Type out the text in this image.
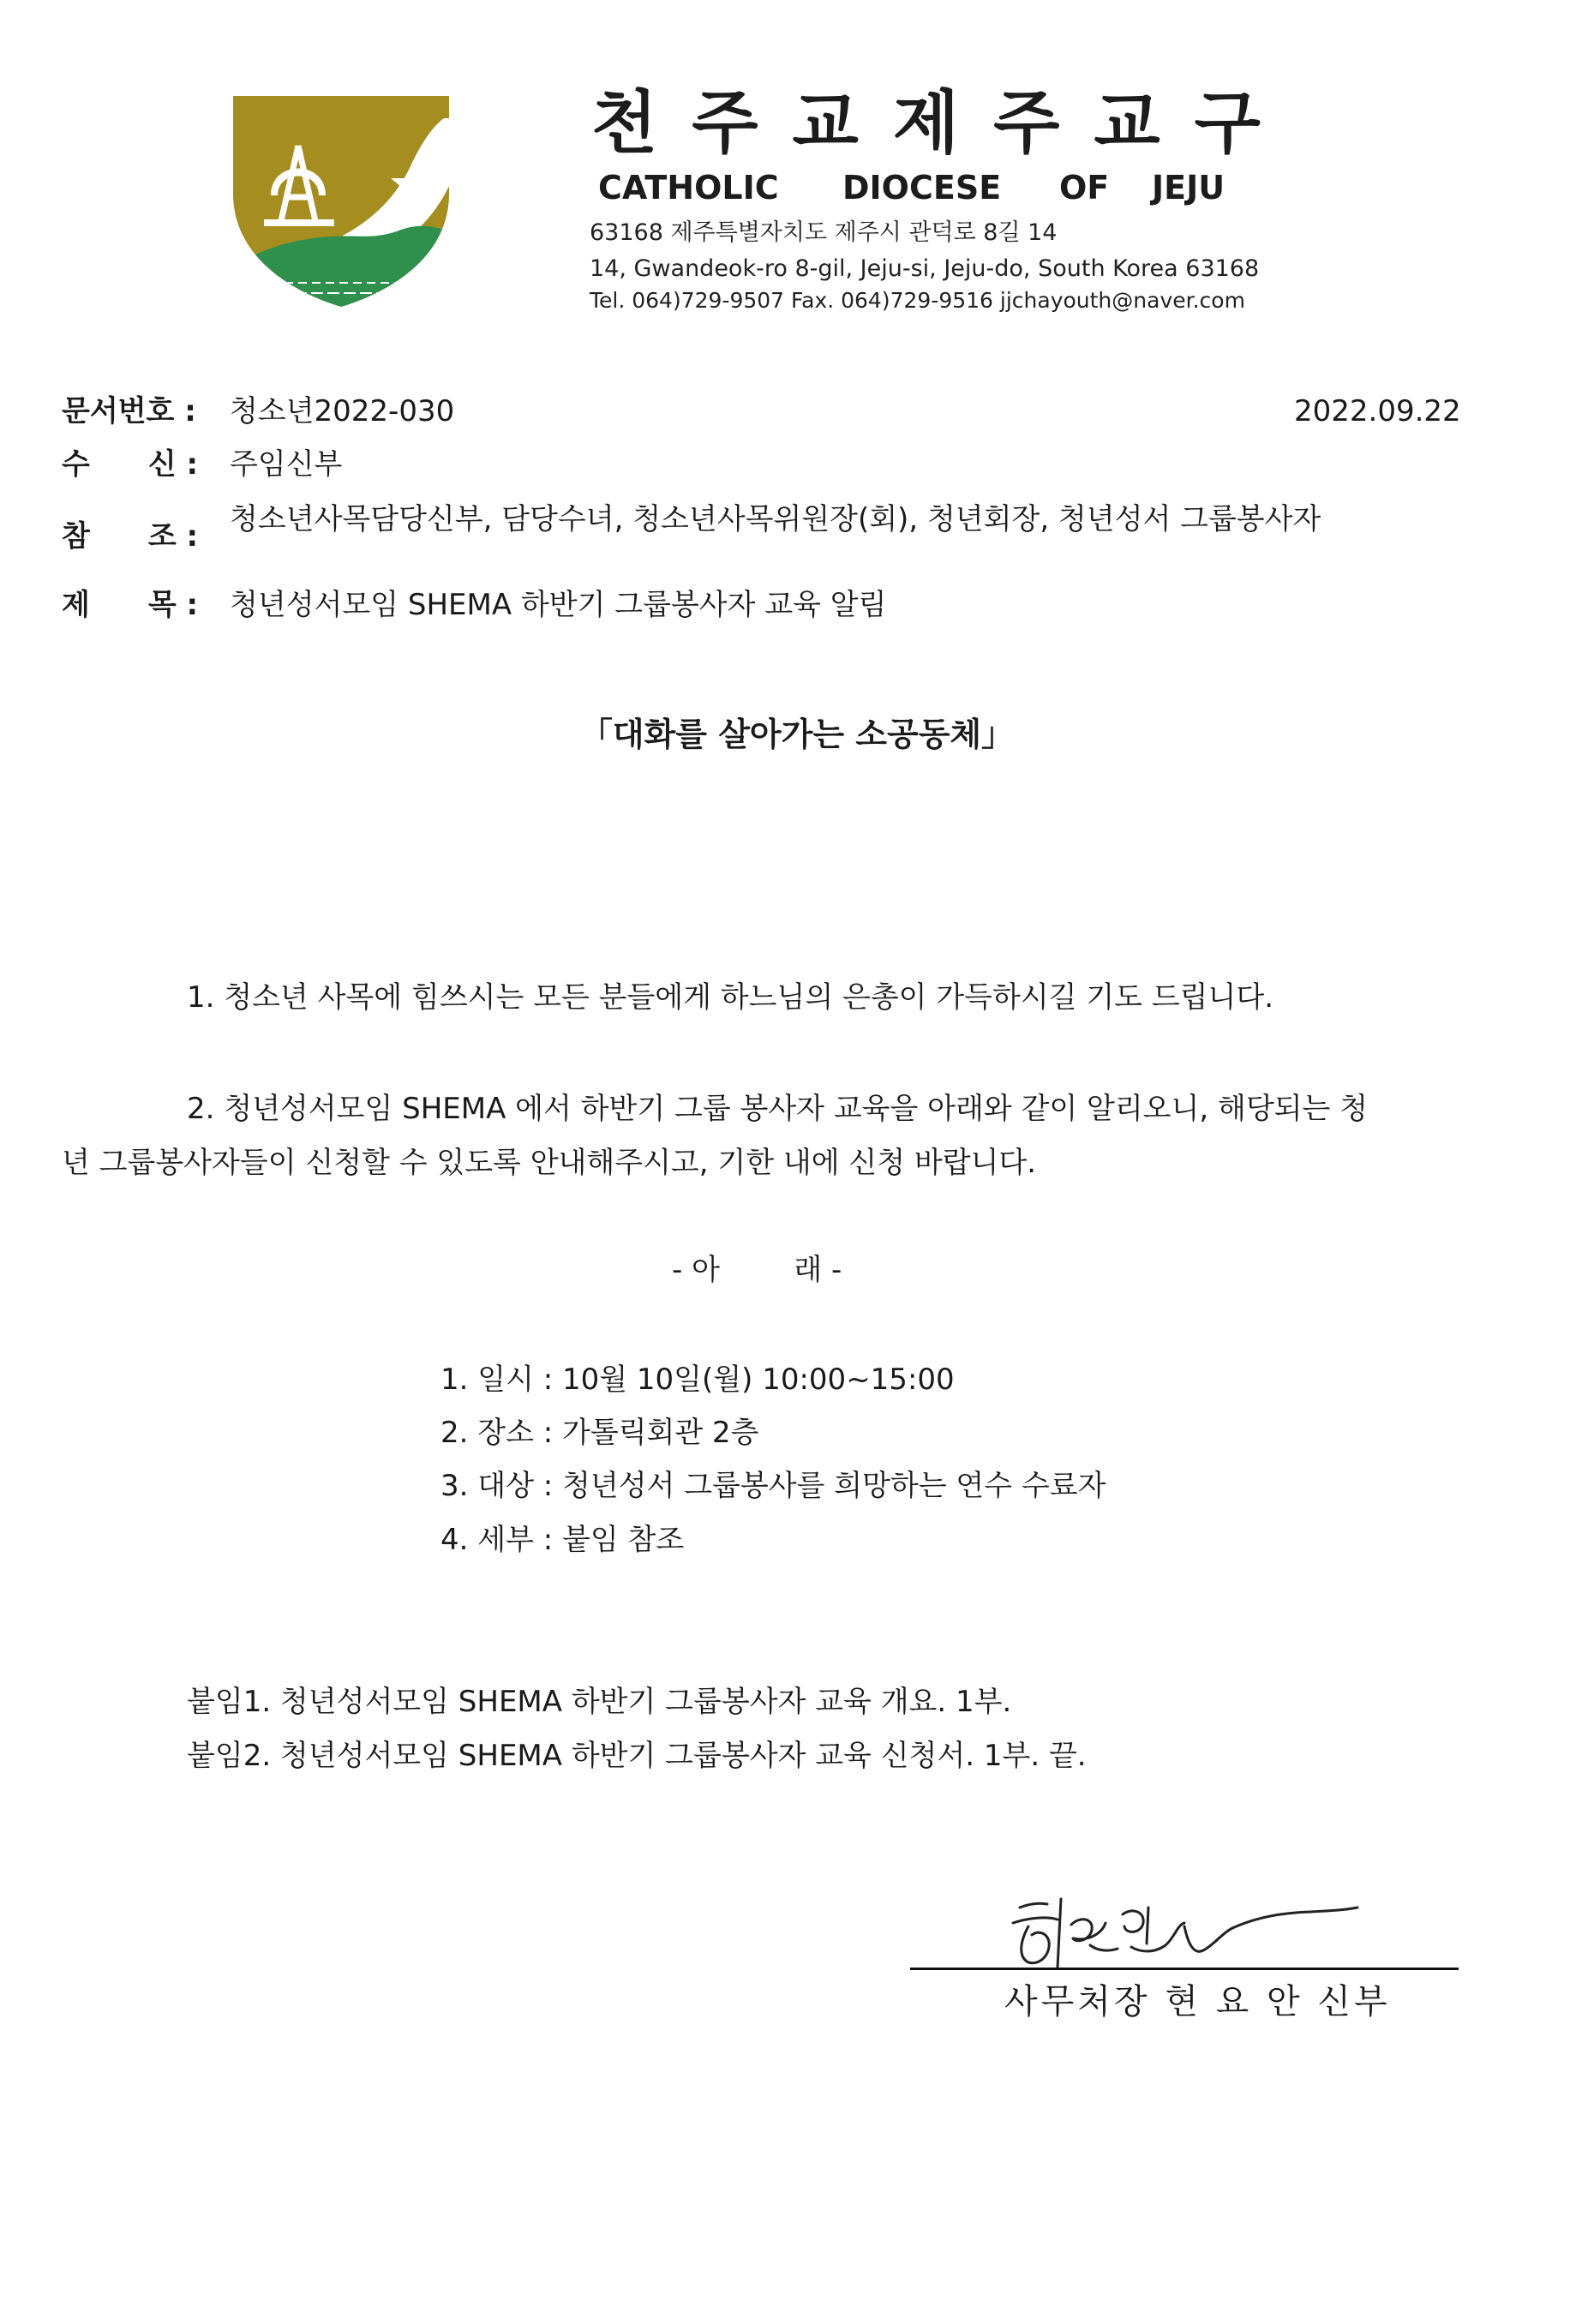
천주교제주교구
CATHOLIC DIOCESE OF JEJU
63168 제주특별자치도 제주시 관덕로 8길 14
14, Gwandeok-ro 8-gil, Jeju-si, Jeju-do, South Korea 63168
Tel. 064)729-9507 Fax. 064)729-9516 jjchayouth@naver.com
문서번호 :	청소년2022-030	2022.09.22
수　　신 :	주임신부
참　　조 :	청소년사목담당신부, 담당수녀, 청소년사목위원장(회), 청년회장, 청년성서 그룹봉사자
제　　목 :	청년성서모임 SHEMA 하반기 그룹봉사자 교육 알림
「대화를 살아가는 소공동체」
1. 청소년 사목에 힘쓰시는 모든 분들에게 하느님의 은총이 가득하시길 기도 드립니다.
2. 청년성서모임 SHEMA 에서 하반기 그룹 봉사자 교육을 아래와 같이 알리오니, 해당되는 청
년 그룹봉사자들이 신청할 수 있도록 안내해주시고, 기한 내에 신청 바랍니다.
- 아        래 -
1. 일시 : 10월 10일(월) 10:00~15:00
2. 장소 : 가톨릭회관 2층
3. 대상 : 청년성서 그룹봉사를 희망하는 연수 수료자
4. 세부 : 붙임 참조
붙임1. 청년성서모임 SHEMA 하반기 그룹봉사자 교육 개요. 1부.
붙임2. 청년성서모임 SHEMA 하반기 그룹봉사자 교육 신청서. 1부. 끝.
사무처장 현 요 안 신부
